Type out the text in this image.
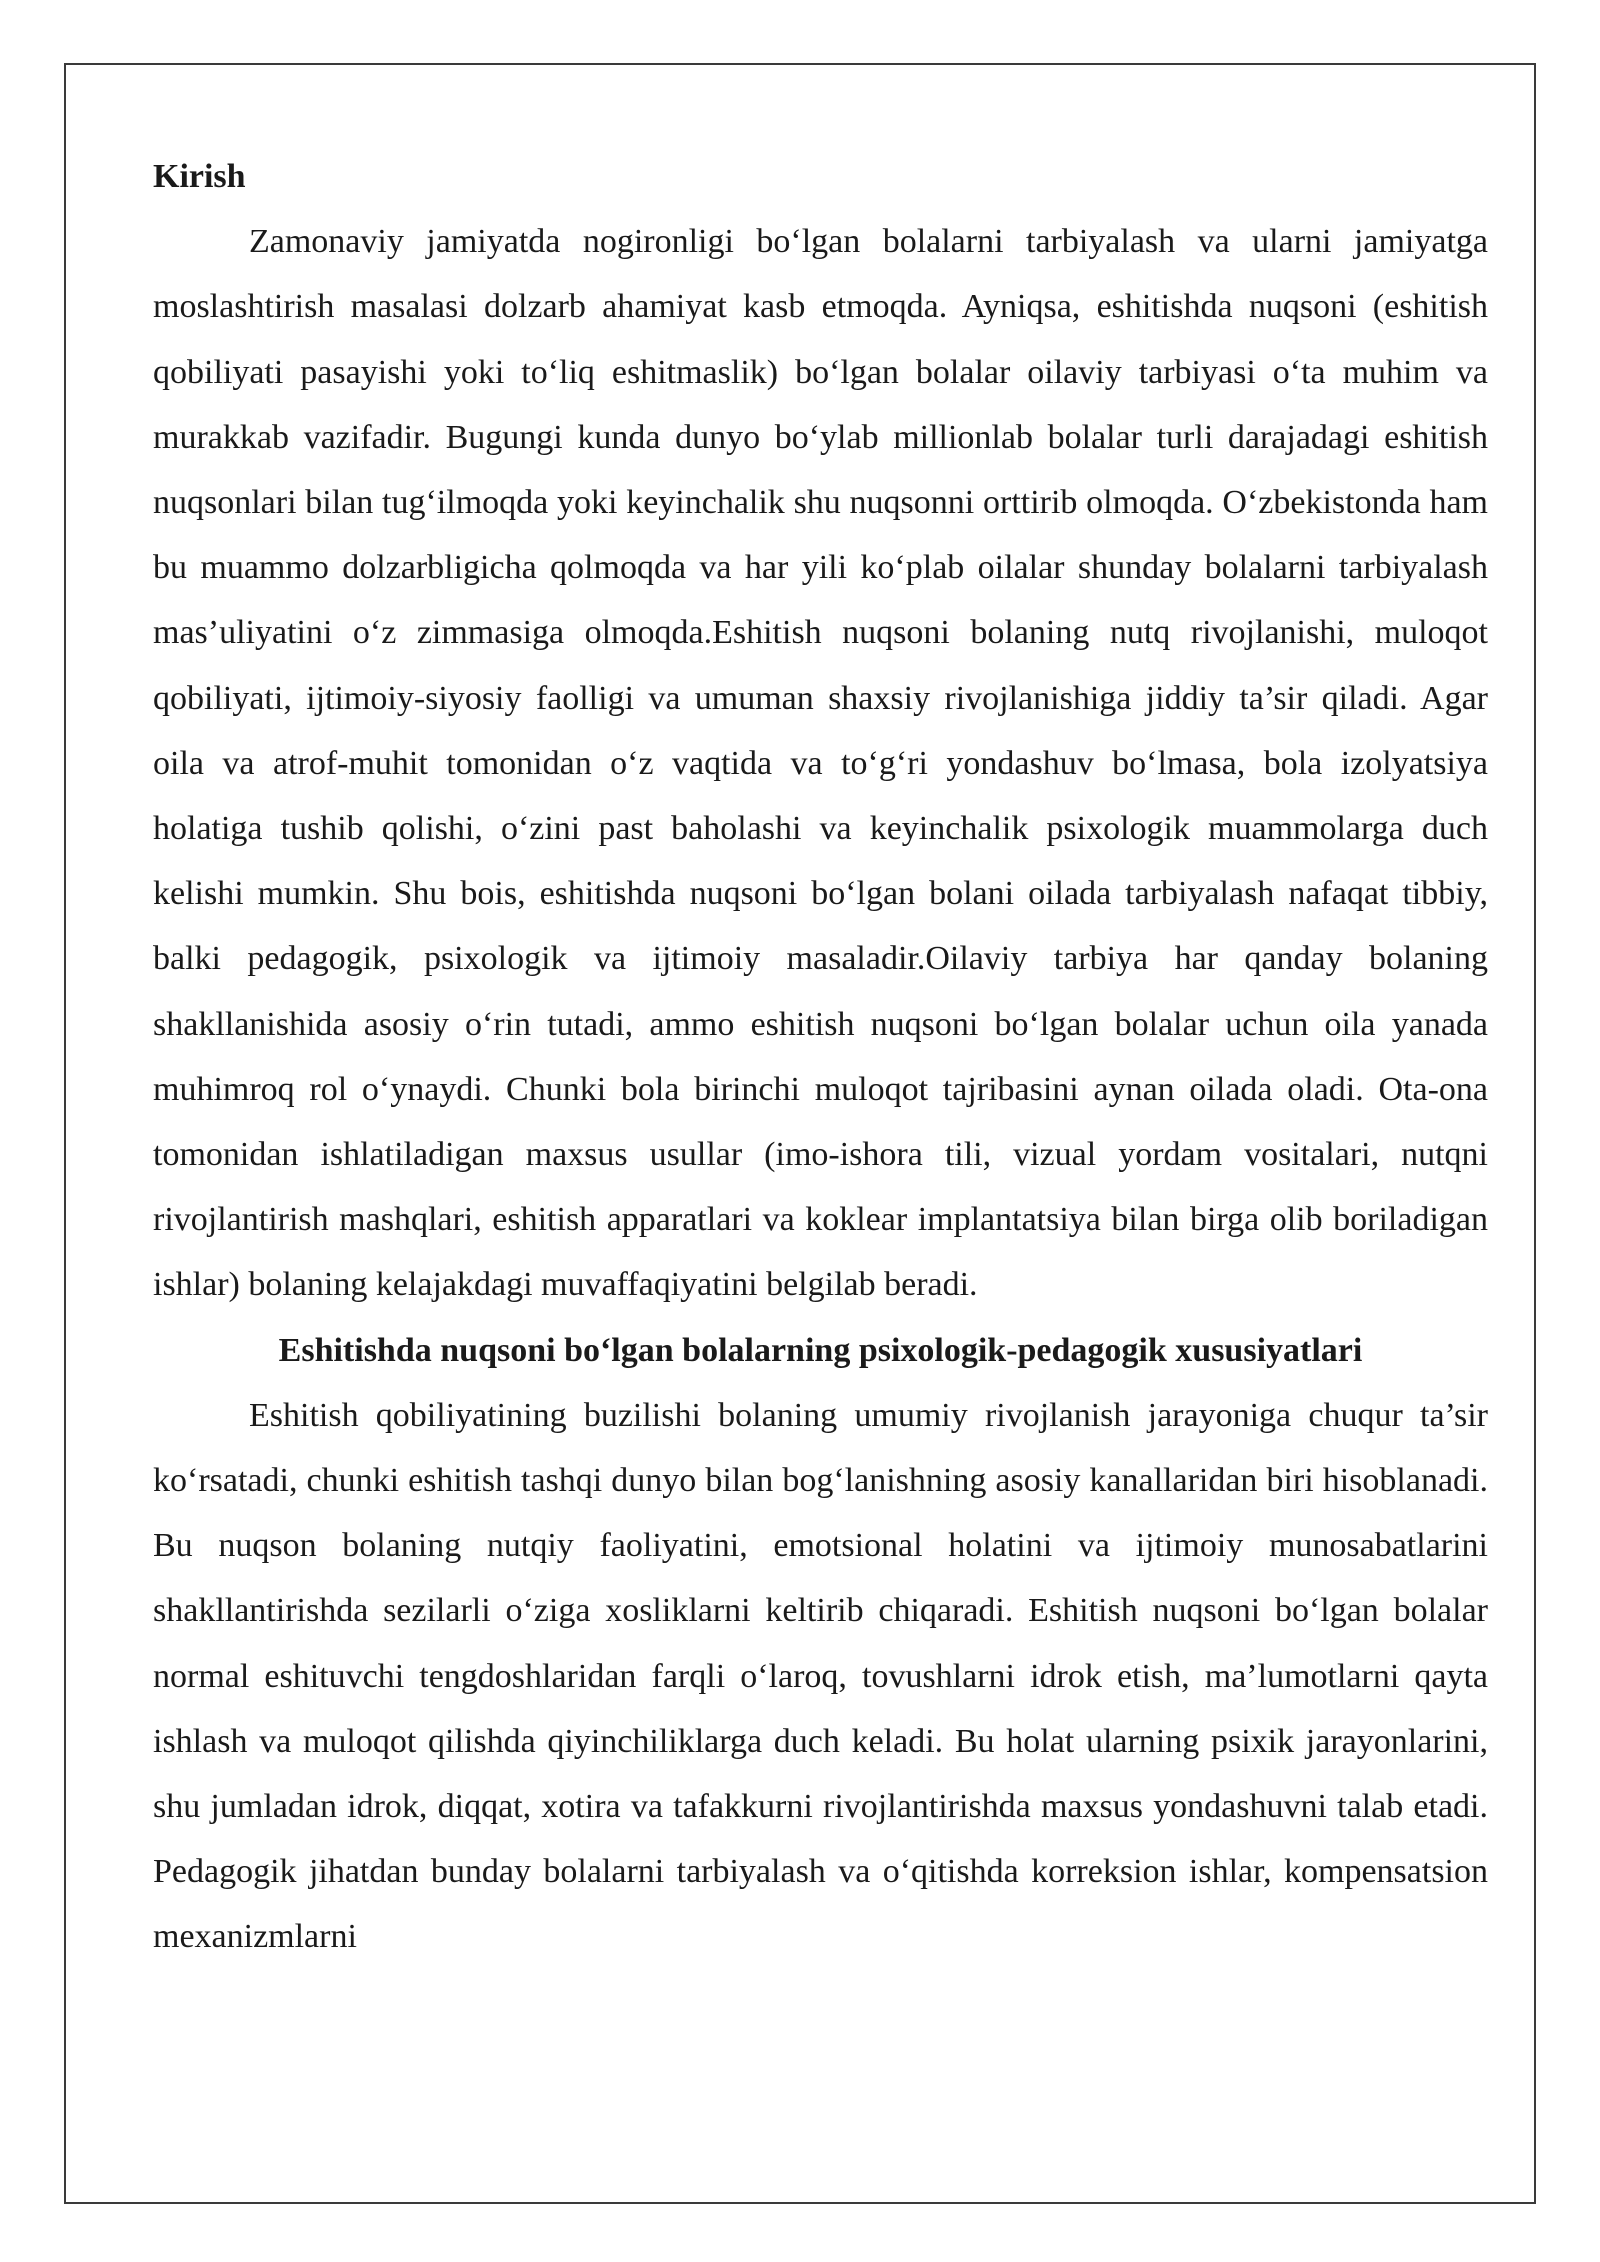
Kirish

Zamonaviy jamiyatda nogironligi bo‘lgan bolalarni tarbiyalash va ularni jamiyatga moslashtirish masalasi dolzarb ahamiyat kasb etmoqda. Ayniqsa, eshitishda nuqsoni (eshitish qobiliyati pasayishi yoki to‘liq eshitmaslik) bo‘lgan bolalar oilaviy tarbiyasi o‘ta muhim va murakkab vazifadir. Bugungi kunda dunyo bo‘ylab millionlab bolalar turli darajadagi eshitish nuqsonlari bilan tug‘ilmoqda yoki keyinchalik shu nuqsonni orttirib olmoqda. O‘zbekistonda ham bu muammo dolzarbligicha qolmoqda va har yili ko‘plab oilalar shunday bolalarni tarbiyalash mas’uliyatini o‘z zimmasiga olmoqda.Eshitish nuqsoni bolaning nutq rivojlanishi, muloqot qobiliyati, ijtimoiy-siyosiy faolligi va umuman shaxsiy rivojlanishiga jiddiy ta’sir qiladi. Agar oila va atrof-muhit tomonidan o‘z vaqtida va to‘g‘ri yondashuv bo‘lmasa, bola izolyatsiya holatiga tushib qolishi, o‘zini past baholashi va keyinchalik psixologik muammolarga duch kelishi mumkin. Shu bois, eshitishda nuqsoni bo‘lgan bolani oilada tarbiyalash nafaqat tibbiy, balki pedagogik, psixologik va ijtimoiy masaladir.Oilaviy tarbiya har qanday bolaning shakllanishida asosiy o‘rin tutadi, ammo eshitish nuqsoni bo‘lgan bolalar uchun oila yanada muhimroq rol o‘ynaydi. Chunki bola birinchi muloqot tajribasini aynan oilada oladi. Ota-ona tomonidan ishlatiladigan maxsus usullar (imo-ishora tili, vizual yordam vositalari, nutqni rivojlantirish mashqlari, eshitish apparatlari va koklear implantatsiya bilan birga olib boriladigan ishlar) bolaning kelajakdagi muvaffaqiyatini belgilab beradi.

Eshitishda nuqsoni bo‘lgan bolalarning psixologik-pedagogik xususiyatlari

Eshitish qobiliyatining buzilishi bolaning umumiy rivojlanish jarayoniga chuqur ta’sir ko‘rsatadi, chunki eshitish tashqi dunyo bilan bog‘lanishning asosiy kanallaridan biri hisoblanadi. Bu nuqson bolaning nutqiy faoliyatini, emotsional holatini va ijtimoiy munosabatlarini shakllantirishda sezilarli o‘ziga xosliklarni keltirib chiqaradi. Eshitish nuqsoni bo‘lgan bolalar normal eshituvchi tengdoshlaridan farqli o‘laroq, tovushlarni idrok etish, ma’lumotlarni qayta ishlash va muloqot qilishda qiyinchiliklarga duch keladi. Bu holat ularning psixik jarayonlarini, shu jumladan idrok, diqqat, xotira va tafakkurni rivojlantirishda maxsus yondashuvni talab etadi. Pedagogik jihatdan bunday bolalarni tarbiyalash va o‘qitishda korreksion ishlar, kompensatsion mexanizmlarni
